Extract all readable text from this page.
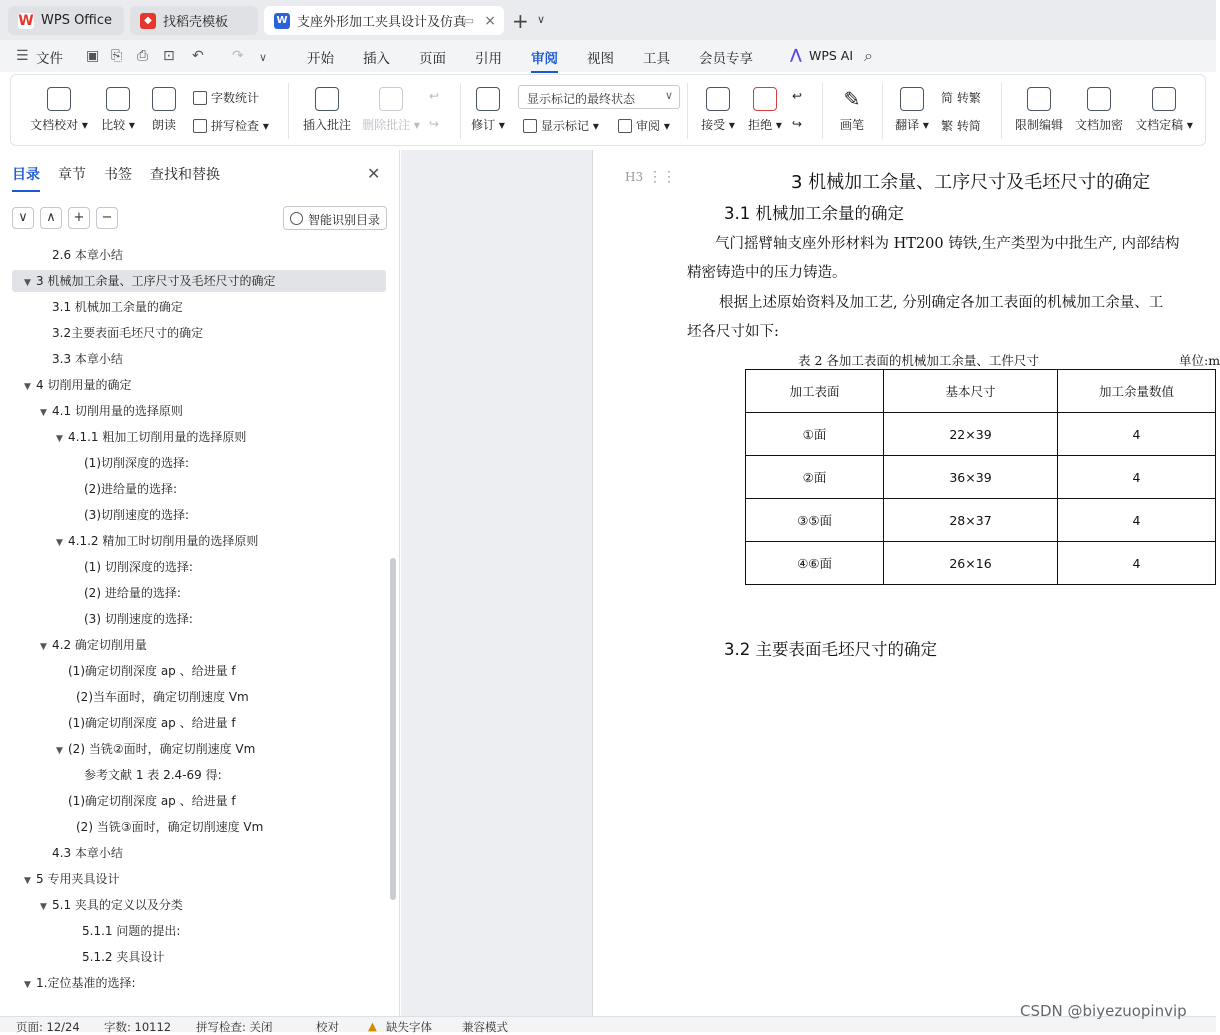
W WPS Office	◆ 找稻壳模板	W 支座外形加工夹具设计及仿真
▭ × + ∨
☰ 文件 ▣ ⎘ ⎙ ⊡ ↶ ↷ ∨	开始 插入 页面 引用 审阅 视图 工具 会员专享	⋀ WPS AI ⌕
文档校对 ▾ 比较 ▾	朗读
字数统计
拼写检查 ▾	插入批注 删除批注 ▾
↩
↪	修订 ▾
显示标记的最终状态	∨
显示标记 ▾	审阅 ▾	接受 ▾ 拒绝 ▾
↩
↪
✎
画笔	翻译 ▾
简 转繁
繁 转简	限制编辑 文档加密 文档定稿 ▾
目录 章节 书签 查找和替换	✕
∨	∧	+	−	智能识别目录
2.6 本章小结
▼ 3 机械加工余量、工序尺寸及毛坯尺寸的确定
3.1 机械加工余量的确定
3.2主要表面毛坯尺寸的确定
3.3 本章小结
▼ 4 切削用量的确定
▼ 4.1 切削用量的选择原则
▼ 4.1.1 粗加工切削用量的选择原则
(1)切削深度的选择:
(2)进给量的选择:
(3)切削速度的选择:
▼ 4.1.2 精加工时切削用量的选择原则
(1) 切削深度的选择:
(2) 进给量的选择:
(3) 切削速度的选择:
▼ 4.2 确定切削用量
(1)确定切削深度 ap 、给进量 f
(2)当车面时，确定切削速度 Vm
(1)确定切削深度 ap 、给进量 f
▼ (2) 当铣②面时，确定切削速度 Vm
参考文献 1 表 2.4-69 得:
(1)确定切削深度 ap 、给进量 f
(2) 当铣③面时，确定切削速度 Vm
4.3 本章小结
▼ 5 专用夹具设计
▼ 5.1 夹具的定义以及分类
5.1.1 问题的提出:
5.1.2 夹具设计
▼ 1.定位基准的选择:
H3 ⋮⋮	3 机械加工余量、工序尺寸及毛坯尺寸的确定
3.1 机械加工余量的确定
气门摇臂轴支座外形材料为 HT200 铸铁,生产类型为中批生产, 内部结构
精密铸造中的压力铸造。
根据上述原始资料及加工艺, 分别确定各加工表面的机械加工余量、工
坯各尺寸如下:
表 2 各加工表面的机械加工余量、工件尺寸	单位:m
加工表面	基本尺寸	加工余量数值
①面	22×39	4
②面	36×39	4
③⑤面	28×37	4
④⑥面	26×16	4
3.2 主要表面毛坯尺寸的确定
页面: 12/24 字数: 10112 拼写检查: 关闭	校对	▲ 缺失字体	兼容模式
CSDN @biyezuopinvip
